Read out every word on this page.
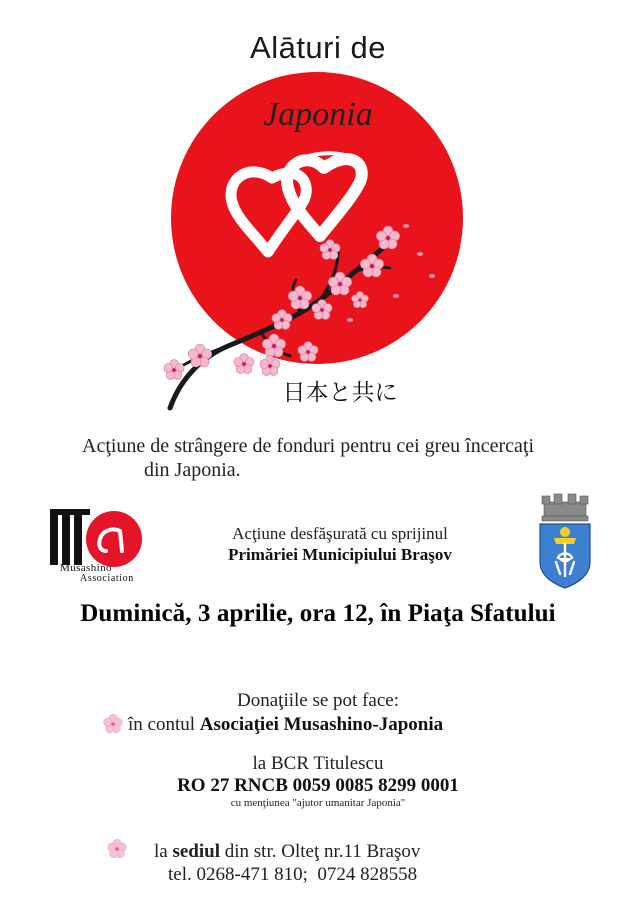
Alāturi de
Japonia
日本と共に
Acţiune de strângere de fonduri pentru cei greu încercaţi
din Japonia.
Musashino
Association
Acţiune desfăşurată cu sprijinul
Primăriei Municipiului Braşov
Duminică, 3 aprilie, ora 12, în Piaţa Sfatului
Donaţiile se pot face:
în contul Asociaţiei Musashino-Japonia
la BCR Titulescu
RO 27 RNCB 0059 0085 8299 0001
cu menţiunea "ajutor umanitar Japonia"
la sediul din str. Olteţ nr.11 Braşov
tel. 0268-471 810;  0724 828558
